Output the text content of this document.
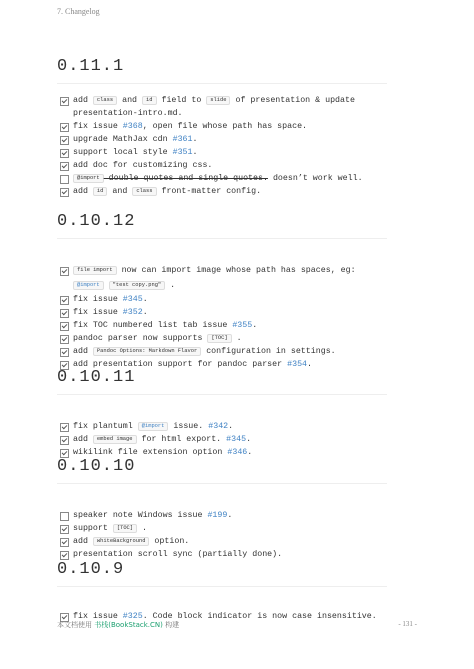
7. Changelog
0.11.1
add class and id field to slide of presentation & update presentation-intro.md.
fix issue #368, open file whose path has space.
upgrade MathJax cdn #361.
support local style #351.
add doc for customizing css.
@import double quotes and single quotes. doesn’t work well.
add id and class front-matter config.
0.10.12
file import now can import image whose path has spaces, eg: @import "test copy.png" .
fix issue #345.
fix issue #352.
fix TOC numbered list tab issue #355.
pandoc parser now supports [TOC] .
add Pandoc Options: Markdown Flavor configuration in settings.
add presentation support for pandoc parser #354.
0.10.11
fix plantuml @import issue. #342.
add embed image for html export. #345.
wikilink file extension option #346.
0.10.10
speaker note Windows issue #199.
support [TOC] .
add whiteBackground option.
presentation scroll sync (partially done).
0.10.9
fix issue #325. Code block indicator is now case insensitive.
本文档使用 书栈(BookStack.CN) 构建	- 131 -
